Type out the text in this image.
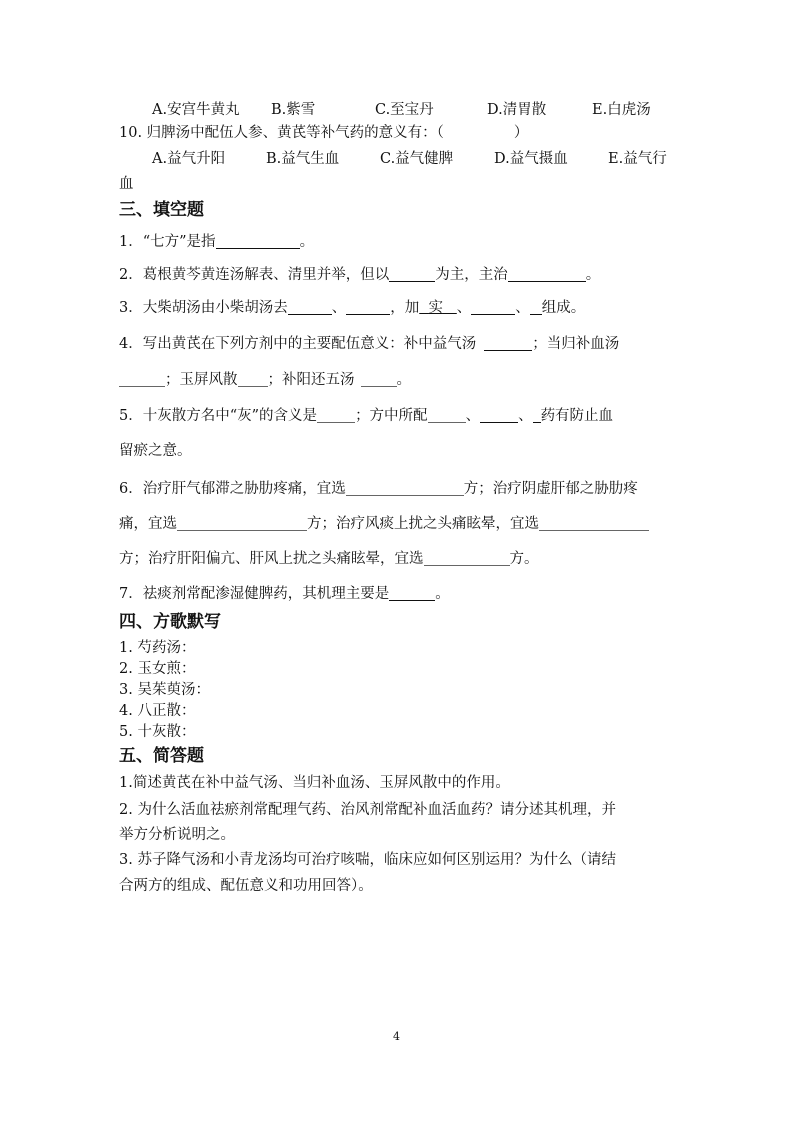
A.安宫牛黄丸 B.紫雪	C.至宝丹	D.清胃散	E.白虎汤
10. 归脾汤中配伍人参、黄芪等补气药的意义有：（	）
A.益气升阳	B.益气生血	C.益气健脾	D.益气摄血	E.益气行
血
三、填空题
1．“七方”是指	。
2．葛根黄芩黄连汤解表、清里并举，但以	为主，主治	。
3．大柴胡汤由小柴胡汤去	、	，加 实 、	、 组成。
4．写出黄芪在下列方剂中的主要配伍意义：补中益气汤	；当归补血汤
；玉屏风散 ；补阳还五汤	。
5．十灰散方名中“灰”的含义是	；方中所配	、	、 药有防止血
留瘀之意。
6．治疗肝气郁滞之胁肋疼痛，宜选	方；治疗阴虚肝郁之胁肋疼
痛，宜选	方；治疗风痰上扰之头痛眩晕，宜选
方；治疗肝阳偏亢、肝风上扰之头痛眩晕，宜选	方。
7．祛痰剂常配渗湿健脾药，其机理主要是	。
四、方歌默写
1. 芍药汤：
2. 玉女煎：
3. 吴茱萸汤：
4. 八正散：
5. 十灰散：
五、简答题
1.简述黄芪在补中益气汤、当归补血汤、玉屏风散中的作用。
2. 为什么活血祛瘀剂常配理气药、治风剂常配补血活血药？请分述其机理，并
举方分析说明之。
3. 苏子降气汤和小青龙汤均可治疗咳喘，临床应如何区别运用？为什么（请结
合两方的组成、配伍意义和功用回答）。
4
